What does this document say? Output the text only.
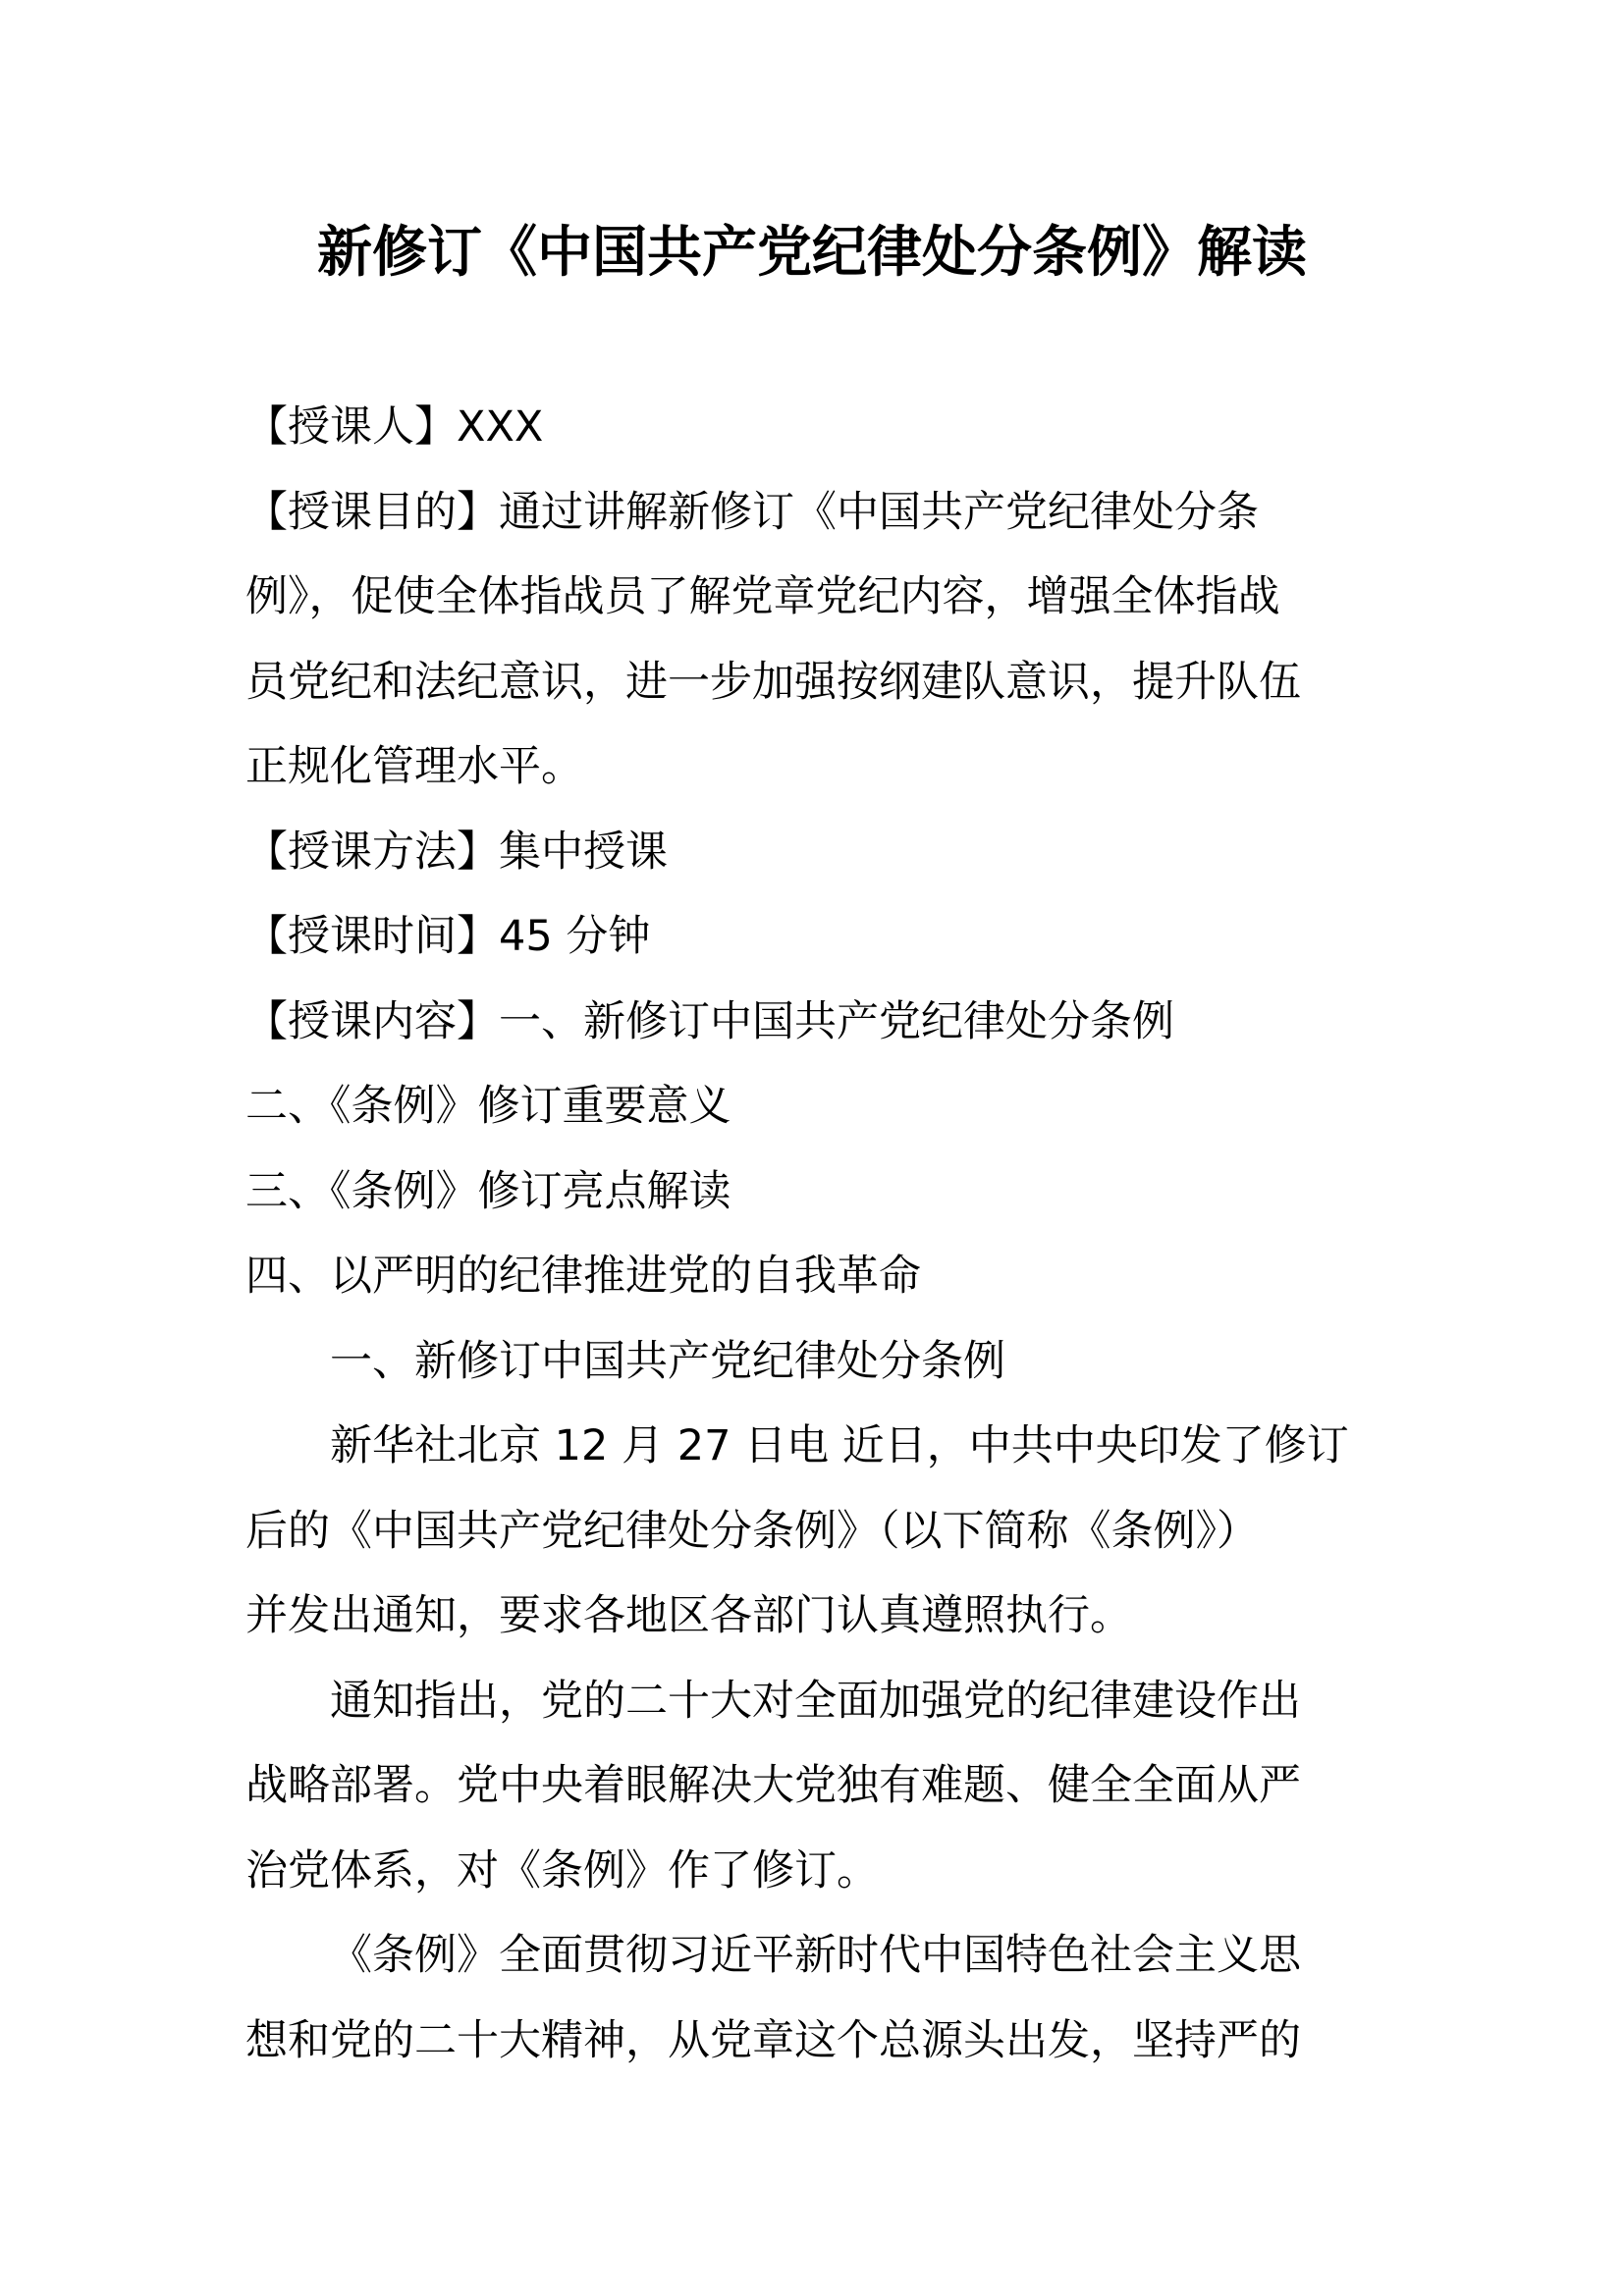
新修订《中国共产党纪律处分条例》解读
【授课人】XXX
【授课目的】通过讲解新修订《中国共产党纪律处分条
例》，促使全体指战员了解党章党纪内容，增强全体指战
员党纪和法纪意识，进一步加强按纲建队意识，提升队伍
正规化管理水平。
【授课方法】集中授课
【授课时间】45 分钟
【授课内容】一、新修订中国共产党纪律处分条例
二、《条例》修订重要意义
三、《条例》修订亮点解读
四、以严明的纪律推进党的自我革命
一、新修订中国共产党纪律处分条例
新华社北京 12 月 27 日电 近日，中共中央印发了修订
后的《中国共产党纪律处分条例》（以下简称《条例》）
并发出通知，要求各地区各部门认真遵照执行。
通知指出，党的二十大对全面加强党的纪律建设作出
战略部署。党中央着眼解决大党独有难题、健全全面从严
治党体系，对《条例》作了修订。
《条例》全面贯彻习近平新时代中国特色社会主义思
想和党的二十大精神，从党章这个总源头出发，坚持严的
